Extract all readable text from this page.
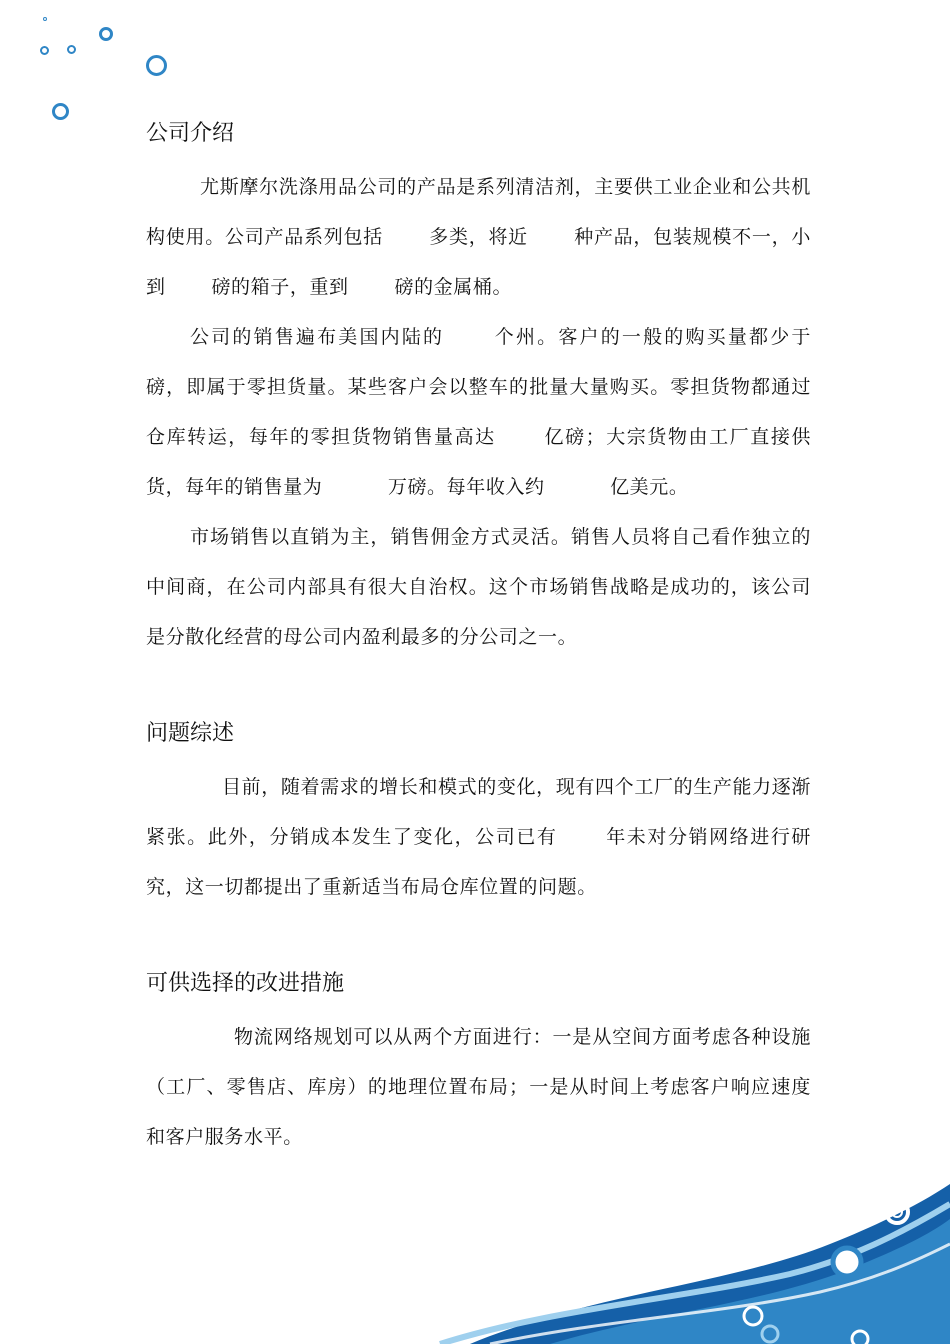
公司介绍

尤斯摩尔洗涤用品公司的产品是系列清洁剂，主要供工业企业和公共机构使用。公司产品系列包括　　 多类，将近　　 种产品，包装规模不一，小到　　 磅的箱子，重到　　 磅的金属桶。

公司的销售遍布美国内陆的　　 个州。客户的一般的购买量都少于　　　 磅，即属于零担货量。某些客户会以整车的批量大量购买。零担货物都通过仓库转运，每年的零担货物销售量高达　　 亿磅；大宗货物由工厂直接供货，每年的销售量为　　　 万磅。每年收入约　　　 亿美元。

市场销售以直销为主，销售佣金方式灵活。销售人员将自己看作独立的中间商，在公司内部具有很大自治权。这个市场销售战略是成功的，该公司是分散化经营的母公司内盈利最多的分公司之一。

问题综述

目前，随着需求的增长和模式的变化，现有四个工厂的生产能力逐渐紧张。此外，分销成本发生了变化，公司已有　　 年未对分销网络进行研究，这一切都提出了重新适当布局仓库位置的问题。

可供选择的改进措施

物流网络规划可以从两个方面进行：一是从空间方面考虑各种设施（工厂、零售店、库房）的地理位置布局；一是从时间上考虑客户响应速度和客户服务水平。
